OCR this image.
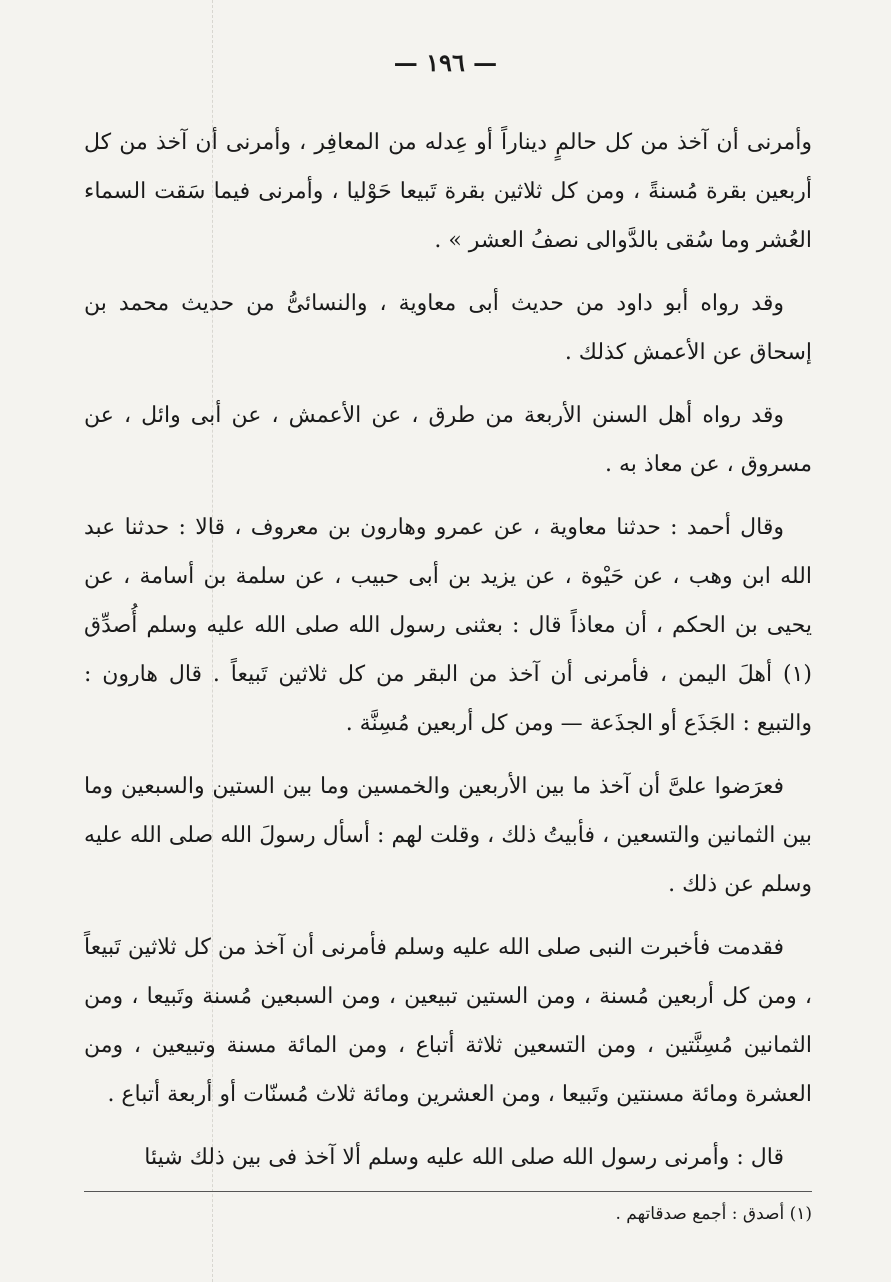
— ١٩٦ —

وأمرنى أن آخذ من كل حالمٍ ديناراً أو عِدله من المعافِر ، وأمرنى أن آخذ من كل أربعين بقرة مُسنةً ، ومن كل ثلاثين بقرة تَبيعا حَوْليا ، وأمرنى فيما سَقت السماء العُشر وما سُقى بالدَّوالى نصفُ العشر » .

وقد رواه أبو داود من حديث أبى معاوية ، والنسائىُّ من حديث محمد بن إسحاق عن الأعمش كذلك .

وقد رواه أهل السنن الأربعة من طرق ، عن الأعمش ، عن أبى وائل ، عن مسروق ، عن معاذ به .

وقال أحمد : حدثنا معاوية ، عن عمرو وهارون بن معروف ، قالا : حدثنا عبد الله ابن وهب ، عن حَيْوة ، عن يزيد بن أبى حبيب ، عن سلمة بن أسامة ، عن يحيى بن الحكم ، أن معاذاً قال : بعثنى رسول الله صلى الله عليه وسلم أُصدِّق (١) أهلَ اليمن ، فأمرنى أن آخذ من البقر من كل ثلاثين تَبيعاً . قال هارون : والتبيع : الجَذَع أو الجذَعة — ومن كل أربعين مُسِنَّة .

فعرَضوا علىَّ أن آخذ ما بين الأربعين والخمسين وما بين الستين والسبعين وما بين الثمانين والتسعين ، فأبيتُ ذلك ، وقلت لهم : أسأل رسولَ الله صلى الله عليه وسلم عن ذلك .

فقدمت فأخبرت النبى صلى الله عليه وسلم فأمرنى أن آخذ من كل ثلاثين تَبيعاً ، ومن كل أربعين مُسنة ، ومن الستين تبيعين ، ومن السبعين مُسنة وتَبيعا ، ومن الثمانين مُسِنَّتين ، ومن التسعين ثلاثة أتباع ، ومن المائة مسنة وتبيعين ، ومن العشرة ومائة مسنتين وتَبيعا ، ومن العشرين ومائة ثلاث مُسنّات أو أربعة أتباع .

قال : وأمرنى رسول الله صلى الله عليه وسلم ألا آخذ فى بين ذلك شيئا

(١) أصدق : أجمع صدقاتهم .
